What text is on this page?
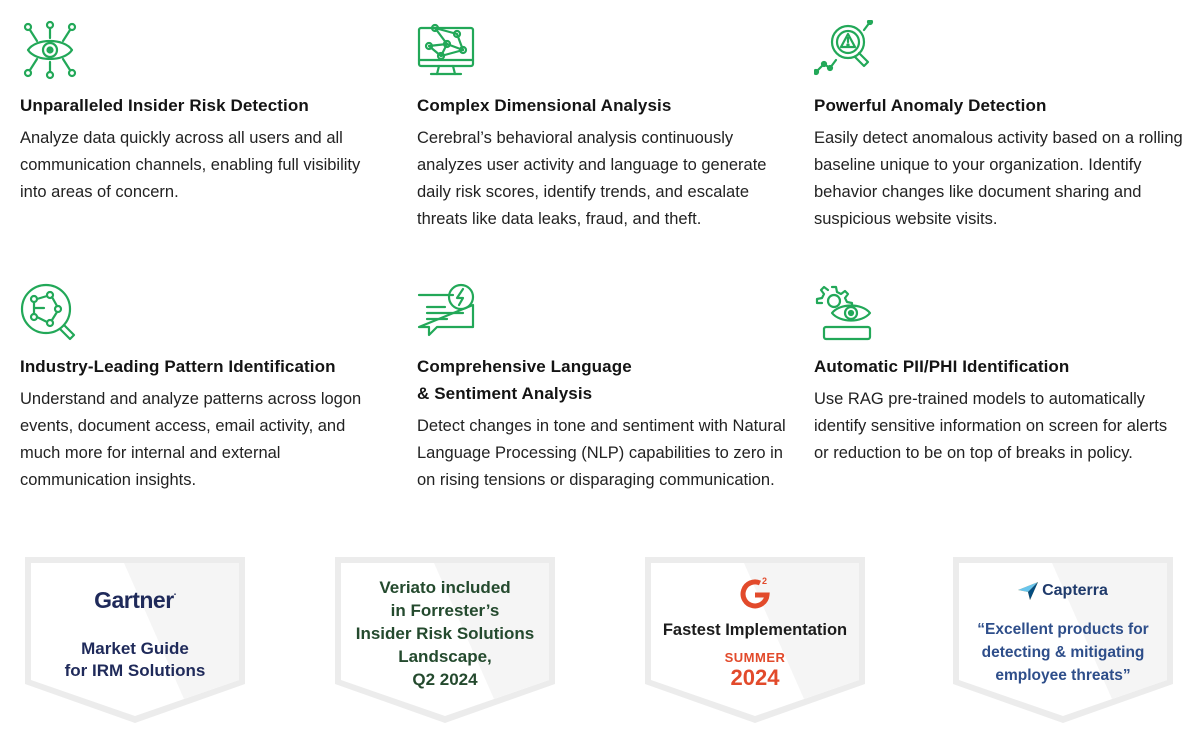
Unparalleled Insider Risk Detection

Analyze data quickly across all users and all communication channels, enabling full visibility into areas of concern.

Complex Dimensional Analysis

Cerebral’s behavioral analysis continuously analyzes user activity and language to generate daily risk scores, identify trends, and escalate threats like data leaks, fraud, and theft.

Powerful Anomaly Detection

Easily detect anomalous activity based on a rolling baseline unique to your organization. Identify behavior changes like document sharing and suspicious website visits.

Industry-Leading Pattern Identification

Understand and analyze patterns across logon events, document access, email activity, and much more for internal and external communication insights.

Comprehensive Language
& Sentiment Analysis

Detect changes in tone and sentiment with Natural Language Processing (NLP) capabilities to zero in on rising tensions or disparaging communication.

Automatic PII/PHI Identification

Use RAG pre-trained models to automatically identify sensitive information on screen for alerts or reduction to be on top of breaks in policy.

Gartner.
Market Guide
for IRM Solutions
Veriato included
in Forrester’s
Insider Risk Solutions
Landscape,
Q2 2024
2
Fastest Implementation
SUMMER
2024
Capterra
“Excellent products for
detecting & mitigating
employee threats”
